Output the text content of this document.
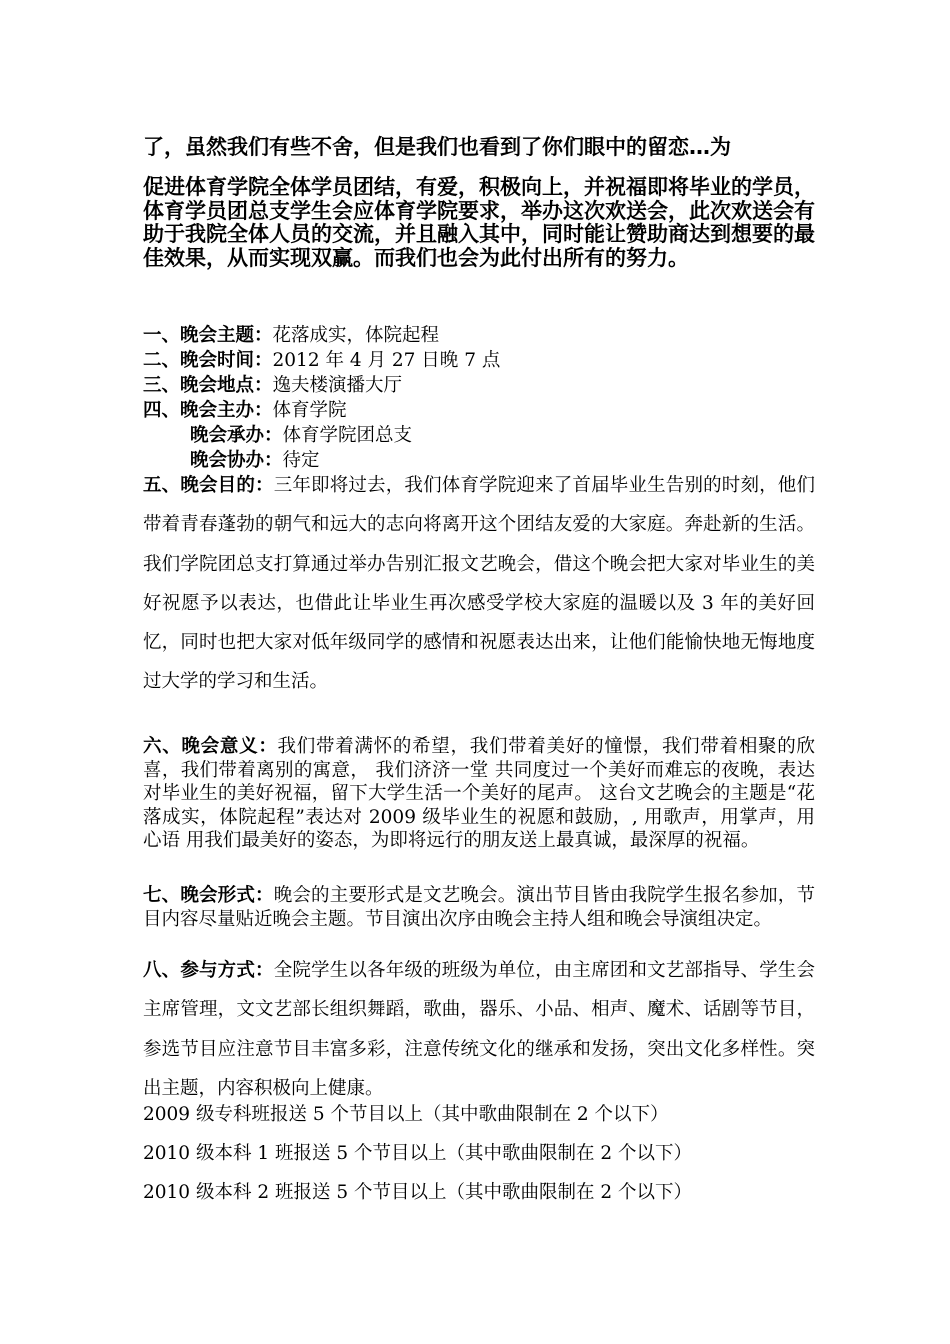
了，虽然我们有些不舍，但是我们也看到了你们眼中的留恋…为
促进体育学院全体学员团结，有爱，积极向上，并祝福即将毕业的学员，体育学员团总支学生会应体育学院要求，举办这次欢送会，此次欢送会有助于我院全体人员的交流，并且融入其中，同时能让赞助商达到想要的最佳效果，从而实现双赢。而我们也会为此付出所有的努力。
一、晚会主题：花落成实，体院起程
二、晚会时间：2012 年 4 月 27 日晚 7 点
三、晚会地点：逸夫楼演播大厅
四、晚会主办：体育学院
晚会承办：体育学院团总支
晚会协办：待定
五、晚会目的：三年即将过去，我们体育学院迎来了首届毕业生告别的时刻，他们带着青春蓬勃的朝气和远大的志向将离开这个团结友爱的大家庭。奔赴新的生活。我们学院团总支打算通过举办告别汇报文艺晚会，借这个晚会把大家对毕业生的美好祝愿予以表达，也借此让毕业生再次感受学校大家庭的温暖以及 3 年的美好回忆，同时也把大家对低年级同学的感情和祝愿表达出来，让他们能愉快地无悔地度过大学的学习和生活。
六、晚会意义：我们带着满怀的希望，我们带着美好的憧憬，我们带着相聚的欣喜，我们带着离别的寓意， 我们济济一堂 共同度过一个美好而难忘的夜晚，表达对毕业生的美好祝福，留下大学生活一个美好的尾声。 这台文艺晚会的主题是“花落成实，体院起程”表达对 2009 级毕业生的祝愿和鼓励，, 用歌声，用掌声，用心语 用我们最美好的姿态，为即将远行的朋友送上最真诚，最深厚的祝福。
七、晚会形式：晚会的主要形式是文艺晚会。演出节目皆由我院学生报名参加，节目内容尽量贴近晚会主题。节目演出次序由晚会主持人组和晚会导演组决定。
八、参与方式：全院学生以各年级的班级为单位，由主席团和文艺部指导、学生会主席管理，文文艺部长组织舞蹈，歌曲，器乐、小品、相声、魔术、话剧等节目，参选节目应注意节目丰富多彩，注意传统文化的继承和发扬，突出文化多样性。突出主题，内容积极向上健康。
2009 级专科班报送 5 个节目以上（其中歌曲限制在 2 个以下）
2010 级本科 1 班报送 5 个节目以上（其中歌曲限制在 2 个以下）
2010 级本科 2 班报送 5 个节目以上（其中歌曲限制在 2 个以下）
